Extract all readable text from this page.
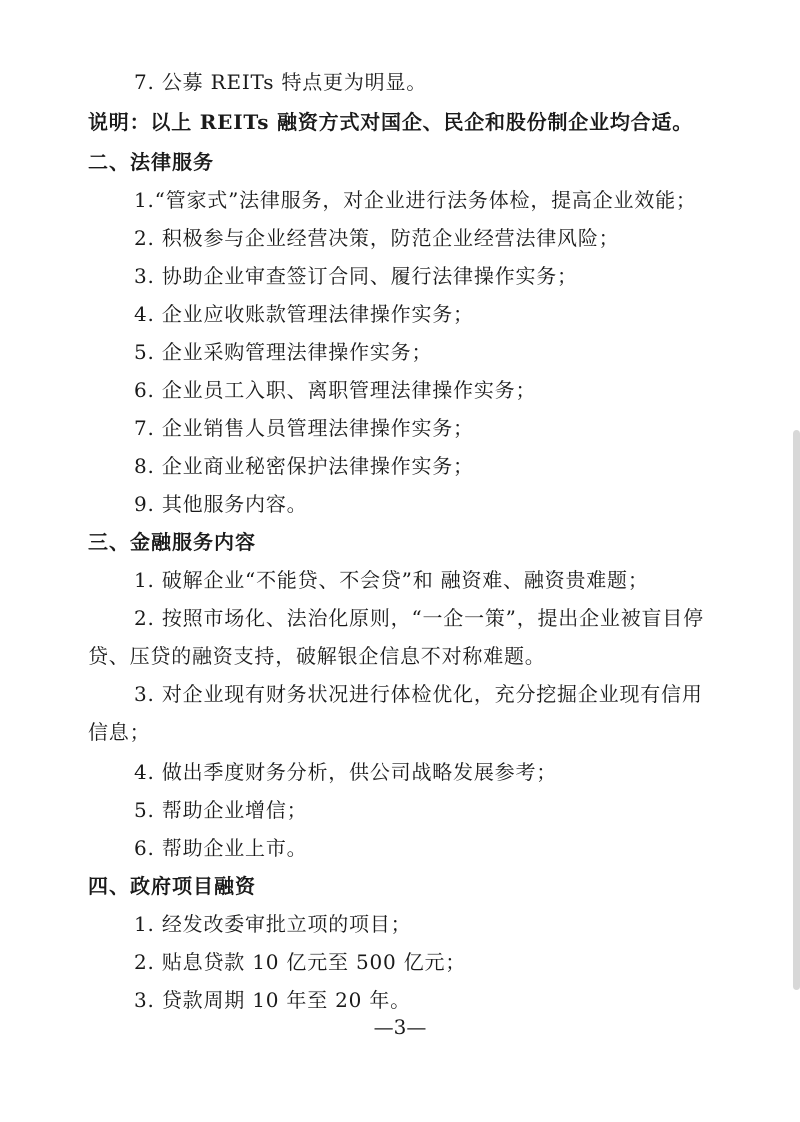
7. 公募 REITs 特点更为明显。
说明：以上 REITs 融资方式对国企、民企和股份制企业均合适。
二、法律服务
1.“管家式”法律服务，对企业进行法务体检，提高企业效能；
2. 积极参与企业经营决策，防范企业经营法律风险；
3. 协助企业审查签订合同、履行法律操作实务；
4. 企业应收账款管理法律操作实务；
5. 企业采购管理法律操作实务；
6. 企业员工入职、离职管理法律操作实务；
7. 企业销售人员管理法律操作实务；
8. 企业商业秘密保护法律操作实务；
9. 其他服务内容。
三、金融服务内容
1. 破解企业“不能贷、不会贷”和 融资难、融资贵难题；
2. 按照市场化、法治化原则，“一企一策”，提出企业被盲目停
贷、压贷的融资支持，破解银企信息不对称难题。
3. 对企业现有财务状况进行体检优化，充分挖掘企业现有信用
信息；
4. 做出季度财务分析，供公司战略发展参考；
5. 帮助企业增信；
6. 帮助企业上市。
四、政府项目融资
1. 经发改委审批立项的项目；
2. 贴息贷款 10 亿元至 500 亿元；
3. 贷款周期 10 年至 20 年。
—3—
